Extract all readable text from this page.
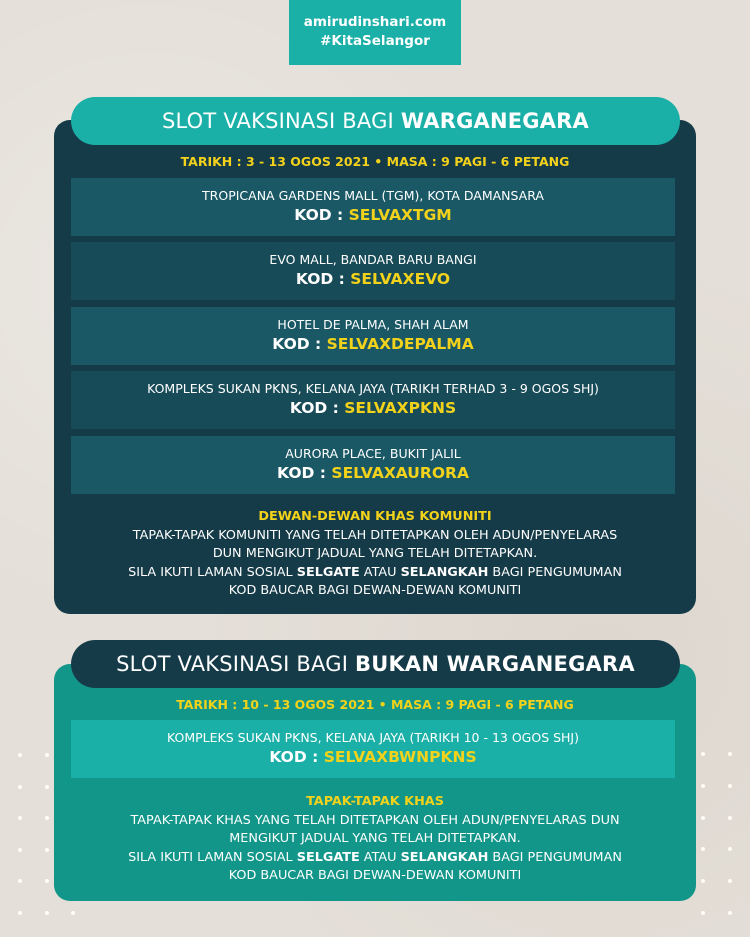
amirudinshari.com
#KitaSelangor
SLOT VAKSINASI BAGI WARGANEGARA
TARIKH : 3 - 13 OGOS 2021 • MASA : 9 PAGI - 6 PETANG
TROPICANA GARDENS MALL (TGM), KOTA DAMANSARA
KOD : SELVAXTGM
EVO MALL, BANDAR BARU BANGI
KOD : SELVAXEVO
HOTEL DE PALMA, SHAH ALAM
KOD : SELVAXDEPALMA
KOMPLEKS SUKAN PKNS, KELANA JAYA (TARIKH TERHAD 3 - 9 OGOS SHJ)
KOD : SELVAXPKNS
AURORA PLACE, BUKIT JALIL
KOD : SELVAXAURORA
DEWAN-DEWAN KHAS KOMUNITI
TAPAK-TAPAK KOMUNITI YANG TELAH DITETAPKAN OLEH ADUN/PENYELARAS
DUN MENGIKUT JADUAL YANG TELAH DITETAPKAN.
SILA IKUTI LAMAN SOSIAL SELGATE ATAU SELANGKAH BAGI PENGUMUMAN
KOD BAUCAR BAGI DEWAN-DEWAN KOMUNITI
SLOT VAKSINASI BAGI BUKAN WARGANEGARA
TARIKH : 10 - 13 OGOS 2021 • MASA : 9 PAGI - 6 PETANG
KOMPLEKS SUKAN PKNS, KELANA JAYA (TARIKH 10 - 13 OGOS SHJ)
KOD : SELVAXBWNPKNS
TAPAK-TAPAK KHAS
TAPAK-TAPAK KHAS YANG TELAH DITETAPKAN OLEH ADUN/PENYELARAS DUN
MENGIKUT JADUAL YANG TELAH DITETAPKAN.
SILA IKUTI LAMAN SOSIAL SELGATE ATAU SELANGKAH BAGI PENGUMUMAN
KOD BAUCAR BAGI DEWAN-DEWAN KOMUNITI
